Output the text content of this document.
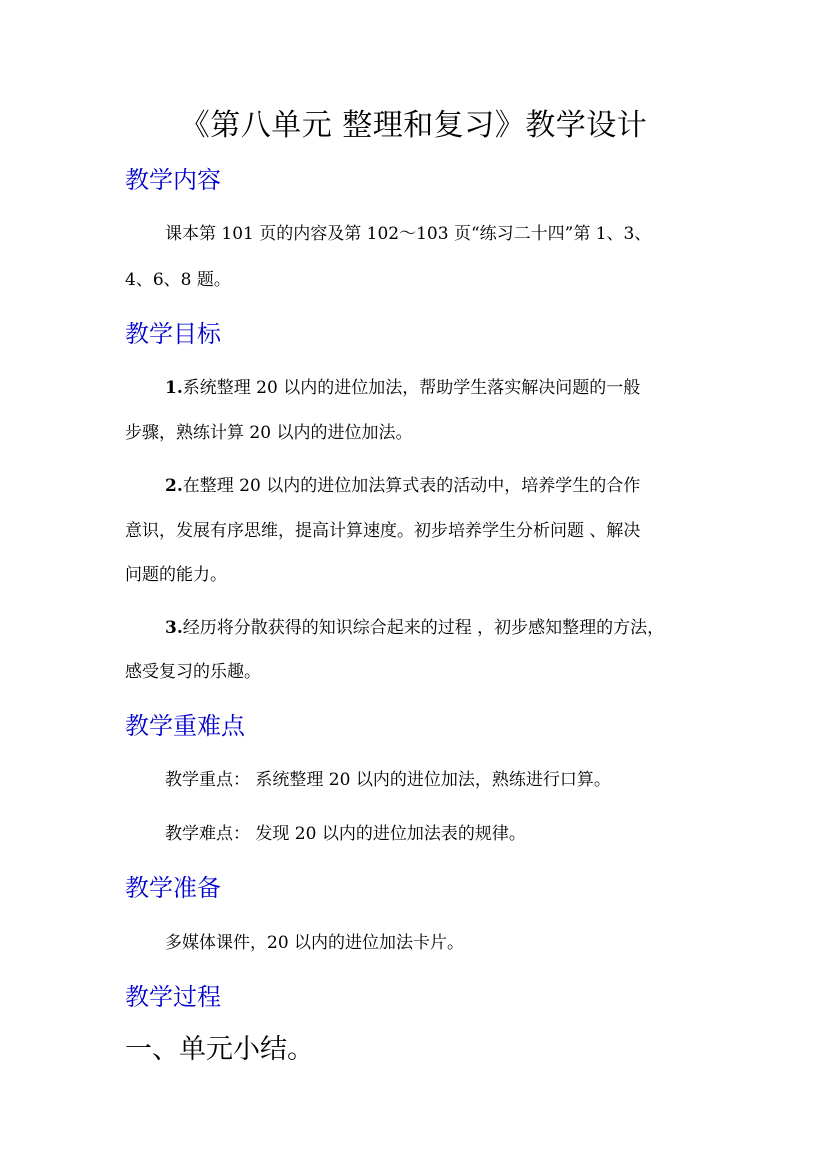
《第八单元 整理和复习》教学设计
教学内容

课本第 101 页的内容及第 102～103 页“练习二十四”第 1、3、

4、6、8 题。

教学目标

1.系统整理 20 以内的进位加法，帮助学生落实解决问题的一般

步骤，熟练计算 20 以内的进位加法。

2.在整理 20 以内的进位加法算式表的活动中，培养学生的合作

意识，发展有序思维，提高计算速度。初步培养学生分析问题 、解决

问题的能力。

3.经历将分散获得的知识综合起来的过程 ，初步感知整理的方法，

感受复习的乐趣。

教学重难点

教学重点： 系统整理 20 以内的进位加法，熟练进行口算。

教学难点： 发现 20 以内的进位加法表的规律。

教学准备

多媒体课件，20 以内的进位加法卡片。

教学过程

一、单元小结。
